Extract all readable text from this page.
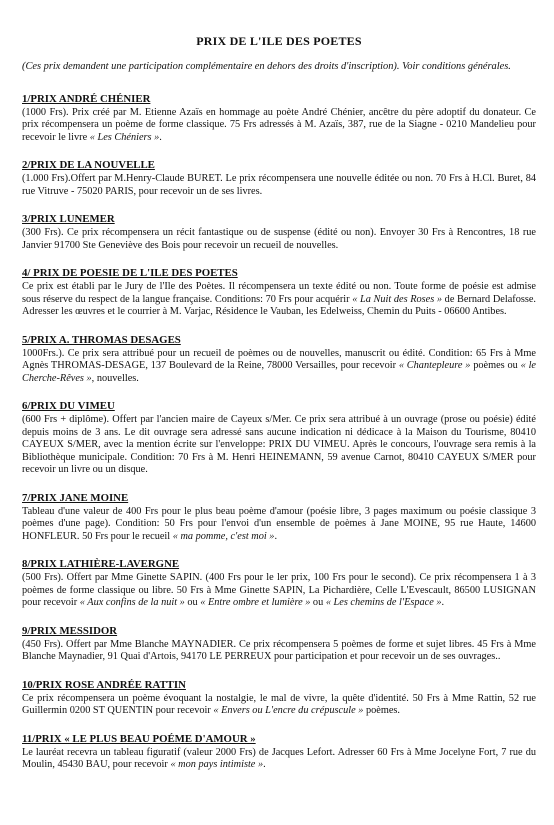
PRIX DE L'ILE DES POETES

(Ces prix demandent une participation complémentaire en dehors des droits d'inscription). Voir conditions générales.

1/PRIX ANDRÉ CHÉNIER

(1000 Frs). Prix créé par M. Etienne Azaïs en hommage au poète André Chénier, ancêtre du père adoptif du donateur. Ce prix récompensera un poème de forme classique. 75 Frs adressés à M. Azaïs, 387, rue de la Siagne - 0210 Mandelieu pour recevoir le livre « Les Chéniers ».

2/PRIX DE LA NOUVELLE

(1.000 Frs).Offert par M.Henry-Claude BURET. Le prix récompensera une nouvelle éditée ou non. 70 Frs à H.Cl. Buret, 84 rue Vitruve - 75020 PARIS, pour recevoir un de ses livres.

3/PRIX LUNEMER

(300 Frs). Ce prix récompensera un récit fantastique ou de suspense (édité ou non). Envoyer 30 Frs à Rencontres, 18 rue Janvier 91700 Ste Geneviève des Bois pour recevoir un recueil de nouvelles.

4/ PRIX DE POESIE DE L'ILE DES POETES

Ce prix est établi par le Jury de l'Ile des Poètes. Il récompensera un texte édité ou non. Toute forme de poésie est admise sous réserve du respect de la langue française. Conditions: 70 Frs pour acquérir « La Nuit des Roses » de Bernard Delafosse. Adresser les œuvres et le courrier à M. Varjac, Résidence le Vauban, les Edelweiss, Chemin du Puits - 06600 Antibes.

5/PRIX A. THROMAS DESAGES

1000Frs.). Ce prix sera attribué pour un recueil de poèmes ou de nouvelles, manuscrit ou édité. Condition: 65 Frs à Mme Agnès THROMAS-DESAGE, 137 Boulevard de la Reine, 78000 Versailles, pour recevoir « Chantepleure » poèmes ou « le Cherche-Rêves », nouvelles.

6/PRIX DU VIMEU

(600 Frs + diplôme). Offert par l'ancien maire de Cayeux s/Mer. Ce prix sera attribué à un ouvrage (prose ou poésie) édité depuis moins de 3 ans. Le dit ouvrage sera adressé sans aucune indication ni dédicace à la Maison du Tourisme, 80410 CAYEUX S/MER, avec la mention écrite sur l'enveloppe: PRIX DU VIMEU. Après le concours, l'ouvrage sera remis à la Bibliothèque municipale. Condition: 70 Frs à M. Henri HEINEMANN, 59 avenue Carnot, 80410 CAYEUX S/MER pour recevoir un livre ou un disque.

7/PRIX JANE MOINE

Tableau d'une valeur de 400 Frs pour le plus beau poème d'amour (poésie libre, 3 pages maximum ou poésie classique 3 poèmes d'une page). Condition: 50 Frs pour l'envoi d'un ensemble de poèmes à Jane MOINE, 95 rue Haute, 14600 HONFLEUR. 50 Frs pour le recueil « ma pomme, c'est moi ».

8/PRIX LATHIÈRE-LAVERGNE

(500 Frs). Offert par Mme Ginette SAPIN. (400 Frs pour le ler prix, 100 Frs pour le second). Ce prix récompensera 1 à 3 poèmes de forme classique ou libre. 50 Frs à Mme Ginette SAPIN, La Pichardière, Celle L'Evescault, 86500 LUSIGNAN pour recevoir « Aux confins de la nuit » ou « Entre ombre et lumière » ou « Les chemins de l'Espace ».

9/PRIX MESSIDOR

(450 Frs). Offert par Mme Blanche MAYNADIER. Ce prix récompensera 5 poèmes de forme et sujet libres. 45 Frs à Mme Blanche Maynadier, 91 Quai d'Artois, 94170 LE PERREUX pour participation et pour recevoir un de ses ouvrages..

10/PRIX ROSE ANDRÉE RATTIN

Ce prix récompensera un poème évoquant la nostalgie, le mal de vivre, la quête d'identité. 50 Frs à Mme Rattin, 52 rue Guillermin 0200 ST QUENTIN pour recevoir « Envers ou L'encre du crépuscule » poèmes.

11/PRIX « LE PLUS BEAU POÉME D'AMOUR »

Le lauréat recevra un tableau figuratif (valeur 2000 Frs) de Jacques Lefort. Adresser 60 Frs à Mme Jocelyne Fort, 7 rue du Moulin, 45430 BAU, pour recevoir « mon pays intimiste ».
